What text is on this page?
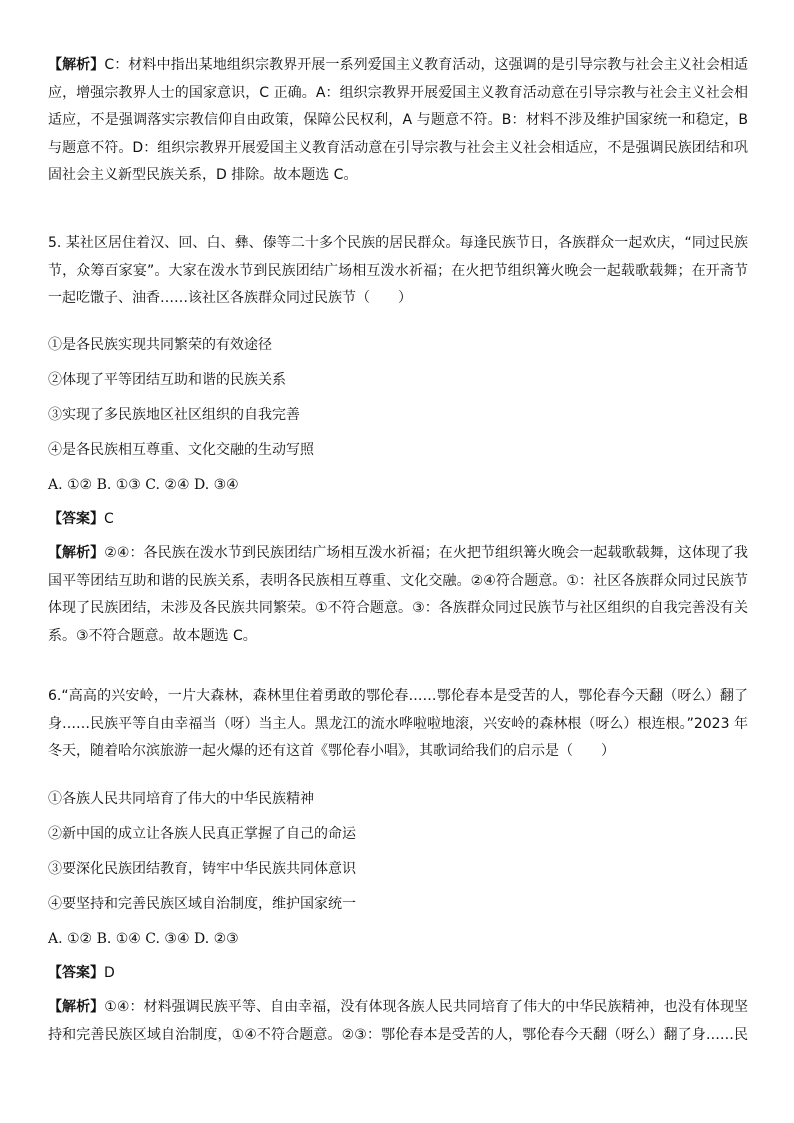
【解析】C：材料中指出某地组织宗教界开展一系列爱国主义教育活动，这强调的是引导宗教与社会主义社会相适
应，增强宗教界人士的国家意识，C 正确。A：组织宗教界开展爱国主义教育活动意在引导宗教与社会主义社会相
适应，不是强调落实宗教信仰自由政策，保障公民权利，A 与题意不符。B：材料不涉及维护国家统一和稳定，B
与题意不符。D：组织宗教界开展爱国主义教育活动意在引导宗教与社会主义社会相适应，不是强调民族团结和巩
固社会主义新型民族关系，D 排除。故本题选 C。
5. 某社区居住着汉、回、白、彝、傣等二十多个民族的居民群众。每逢民族节日，各族群众一起欢庆，“同过民族
节，众筹百家宴”。大家在泼水节到民族团结广场相互泼水祈福；在火把节组织篝火晚会一起载歌载舞；在开斋节
一起吃馓子、油香……该社区各族群众同过民族节（　　）
①是各民族实现共同繁荣的有效途径
②体现了平等团结互助和谐的民族关系
③实现了多民族地区社区组织的自我完善
④是各民族相互尊重、文化交融的生动写照
A. ①② B. ①③ C. ②④ D. ③④
【答案】C
【解析】②④：各民族在泼水节到民族团结广场相互泼水祈福；在火把节组织篝火晚会一起载歌载舞，这体现了我
国平等团结互助和谐的民族关系，表明各民族相互尊重、文化交融。②④符合题意。①：社区各族群众同过民族节
体现了民族团结，未涉及各民族共同繁荣。①不符合题意。③：各族群众同过民族节与社区组织的自我完善没有关
系。③不符合题意。故本题选 C。
6.“高高的兴安岭，一片大森林，森林里住着勇敢的鄂伦春……鄂伦春本是受苦的人，鄂伦春今天翻（呀么）翻了
身……民族平等自由幸福当（呀）当主人。黑龙江的流水哗啦啦地滚，兴安岭的森林根（呀么）根连根。”2023 年
冬天，随着哈尔滨旅游一起火爆的还有这首《鄂伦春小唱》，其歌词给我们的启示是（　　）
①各族人民共同培育了伟大的中华民族精神
②新中国的成立让各族人民真正掌握了自己的命运
③要深化民族团结教育，铸牢中华民族共同体意识
④要坚持和完善民族区域自治制度，维护国家统一
A. ①② B. ①④ C. ③④ D. ②③
【答案】D
【解析】①④：材料强调民族平等、自由幸福，没有体现各族人民共同培育了伟大的中华民族精神，也没有体现坚
持和完善民族区域自治制度，①④不符合题意。②③：鄂伦春本是受苦的人，鄂伦春今天翻（呀么）翻了身……民
